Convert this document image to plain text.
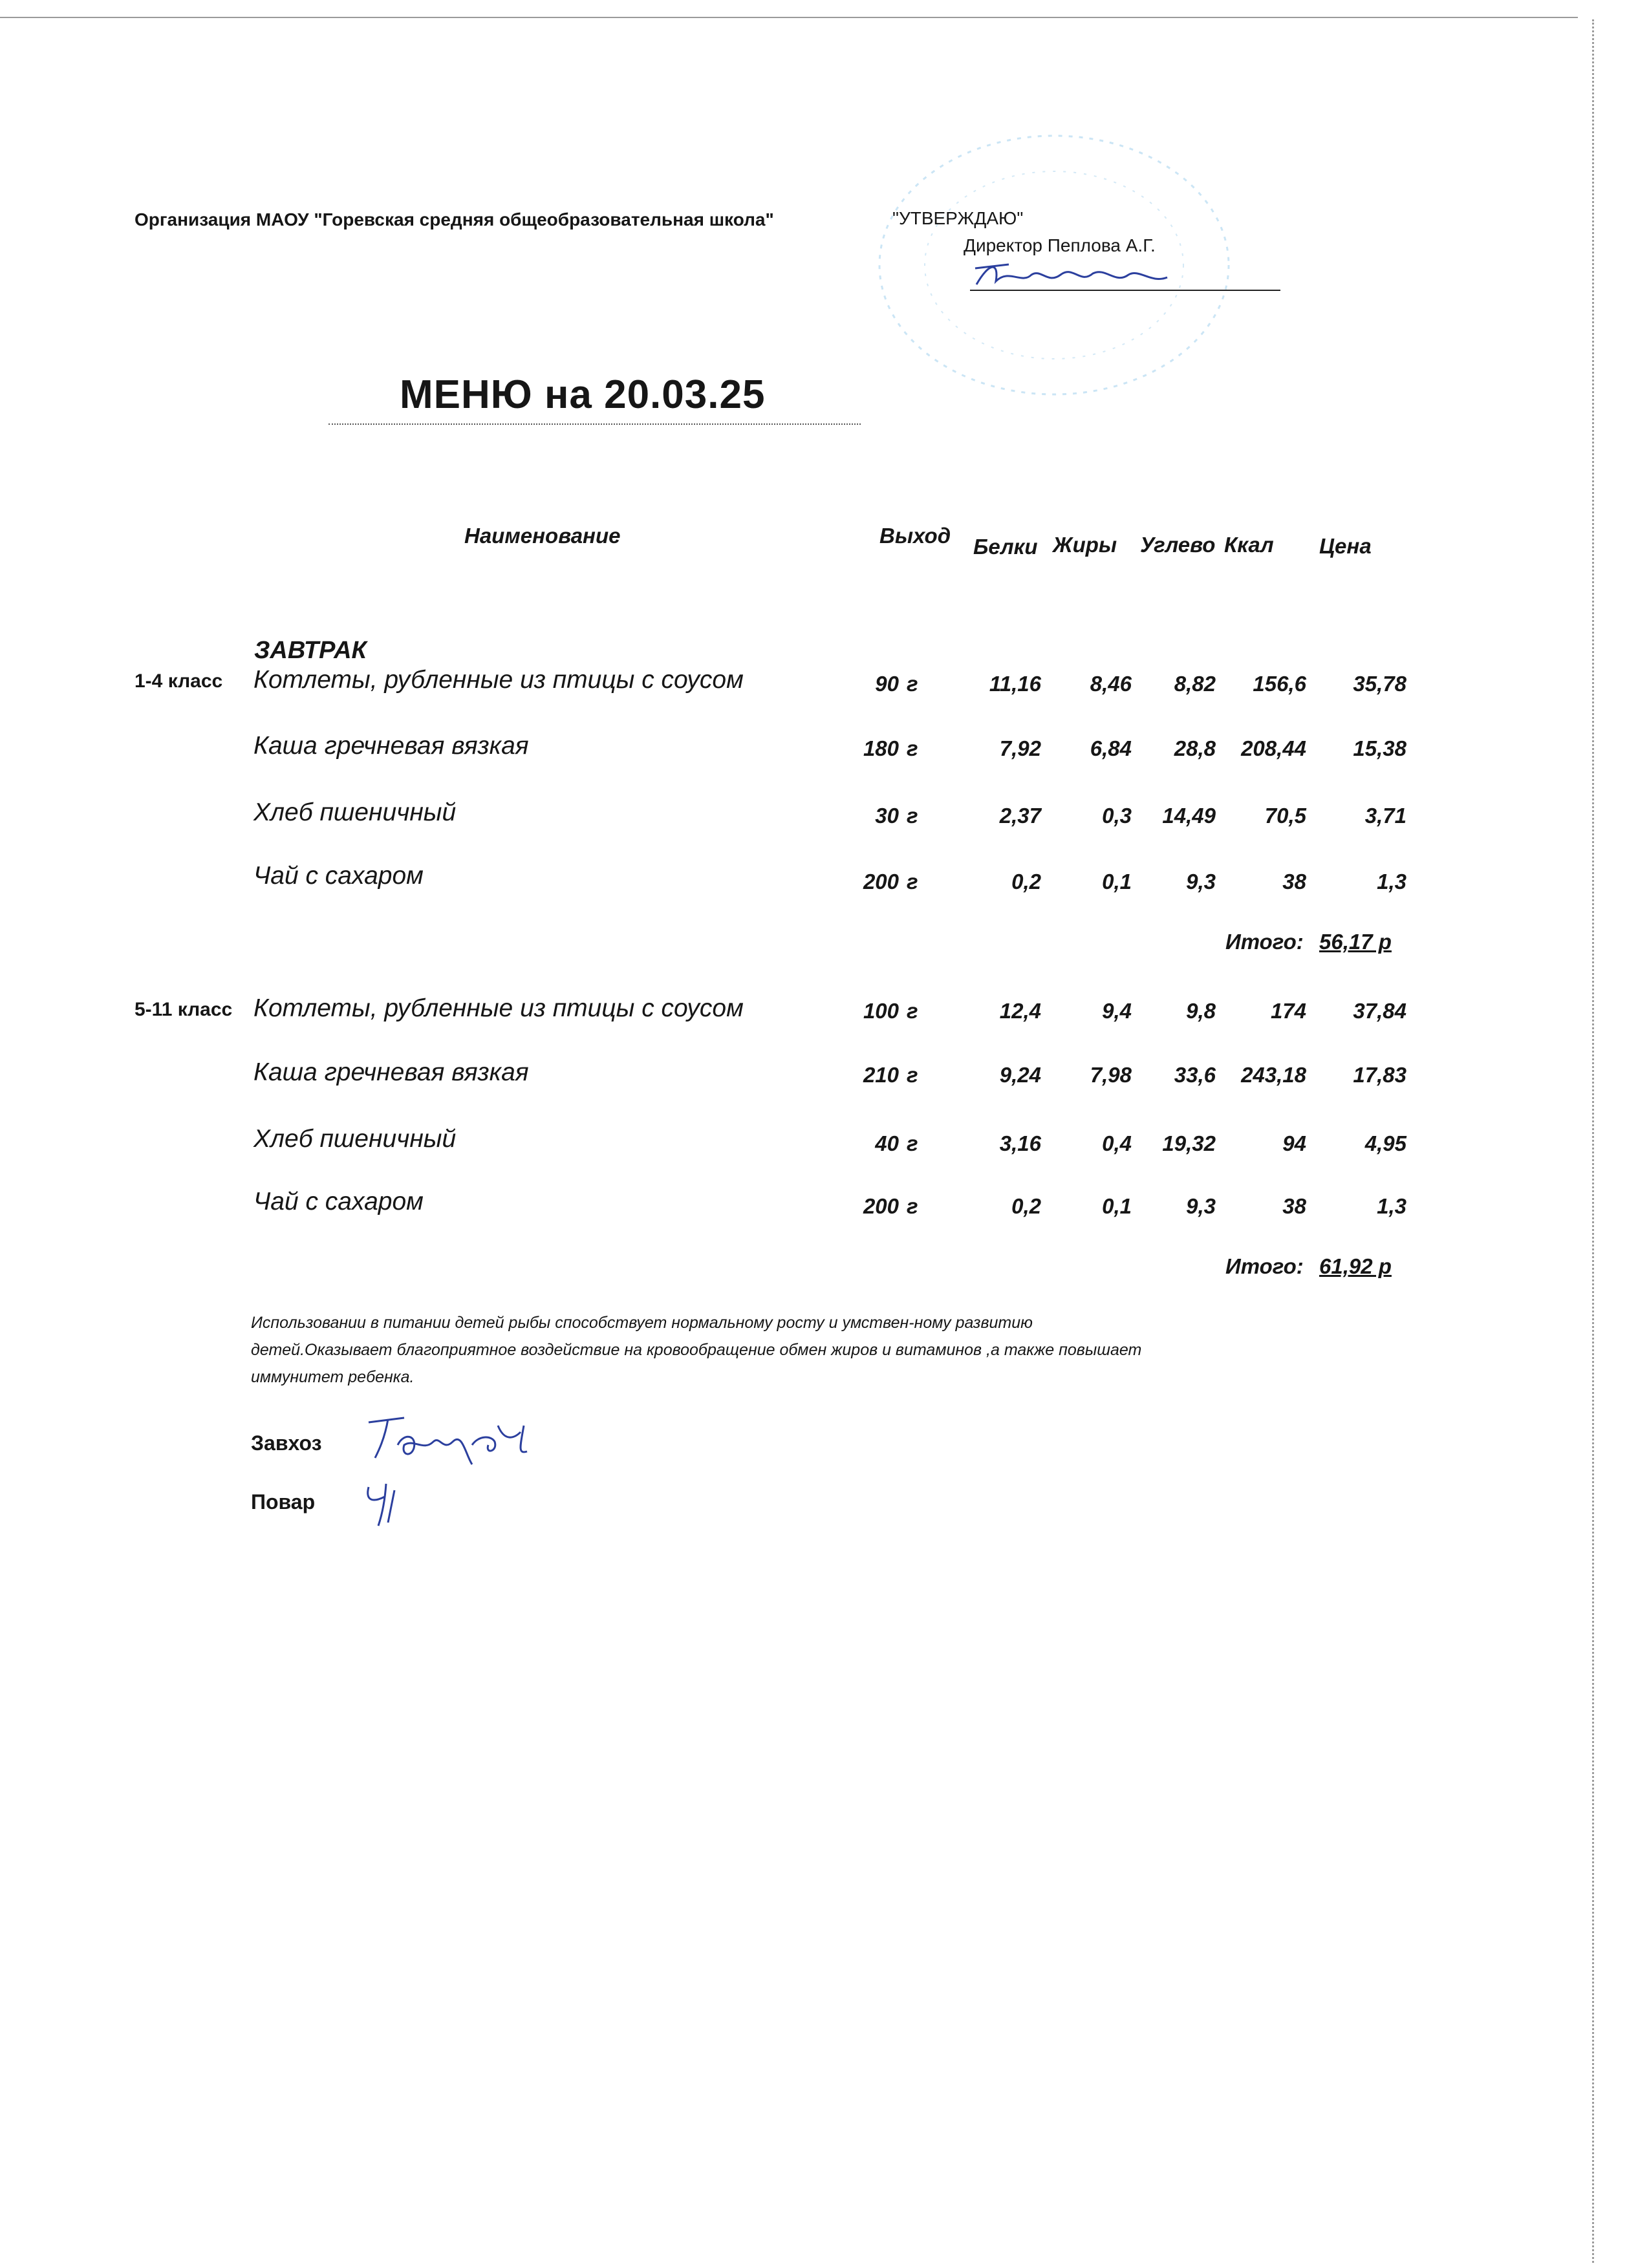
Организация МАОУ "Горевская средняя общеобразовательная школа"	"УТВЕРЖДАЮ"
Директор Пеплова А.Г.
МЕНЮ на 20.03.25
Наименование	Выход Белки Жиры Углево Ккал Цена
ЗАВТРАК
1-4 класс Котлеты, рубленные из птицы с соусом	90 г	11,16	8,46	8,82	156,6	35,78
Каша гречневая вязкая	180 г	7,92	6,84	28,8	208,44	15,38
Хлеб пшеничный	30 г	2,37	0,3	14,49	70,5	3,71
Чай с сахаром	200 г	0,2	0,1	9,3	38	1,3
Итого: 56,17 р
5-11 класс Котлеты, рубленные из птицы с соусом	100 г	12,4	9,4	9,8	174	37,84
Каша гречневая вязкая	210 г	9,24	7,98	33,6	243,18	17,83
Хлеб пшеничный	40 г	3,16	0,4	19,32	94	4,95
Чай с сахаром	200 г	0,2	0,1	9,3	38	1,3
Итого: 61,92 р
Использовании в питании детей рыбы способствует нормальному росту и умствен-ному развитию детей.Оказывает благоприятное воздействие на кровообращение обмен жиров и витаминов ,а также повышает иммунитет ребенка.
Завхоз
Повар
